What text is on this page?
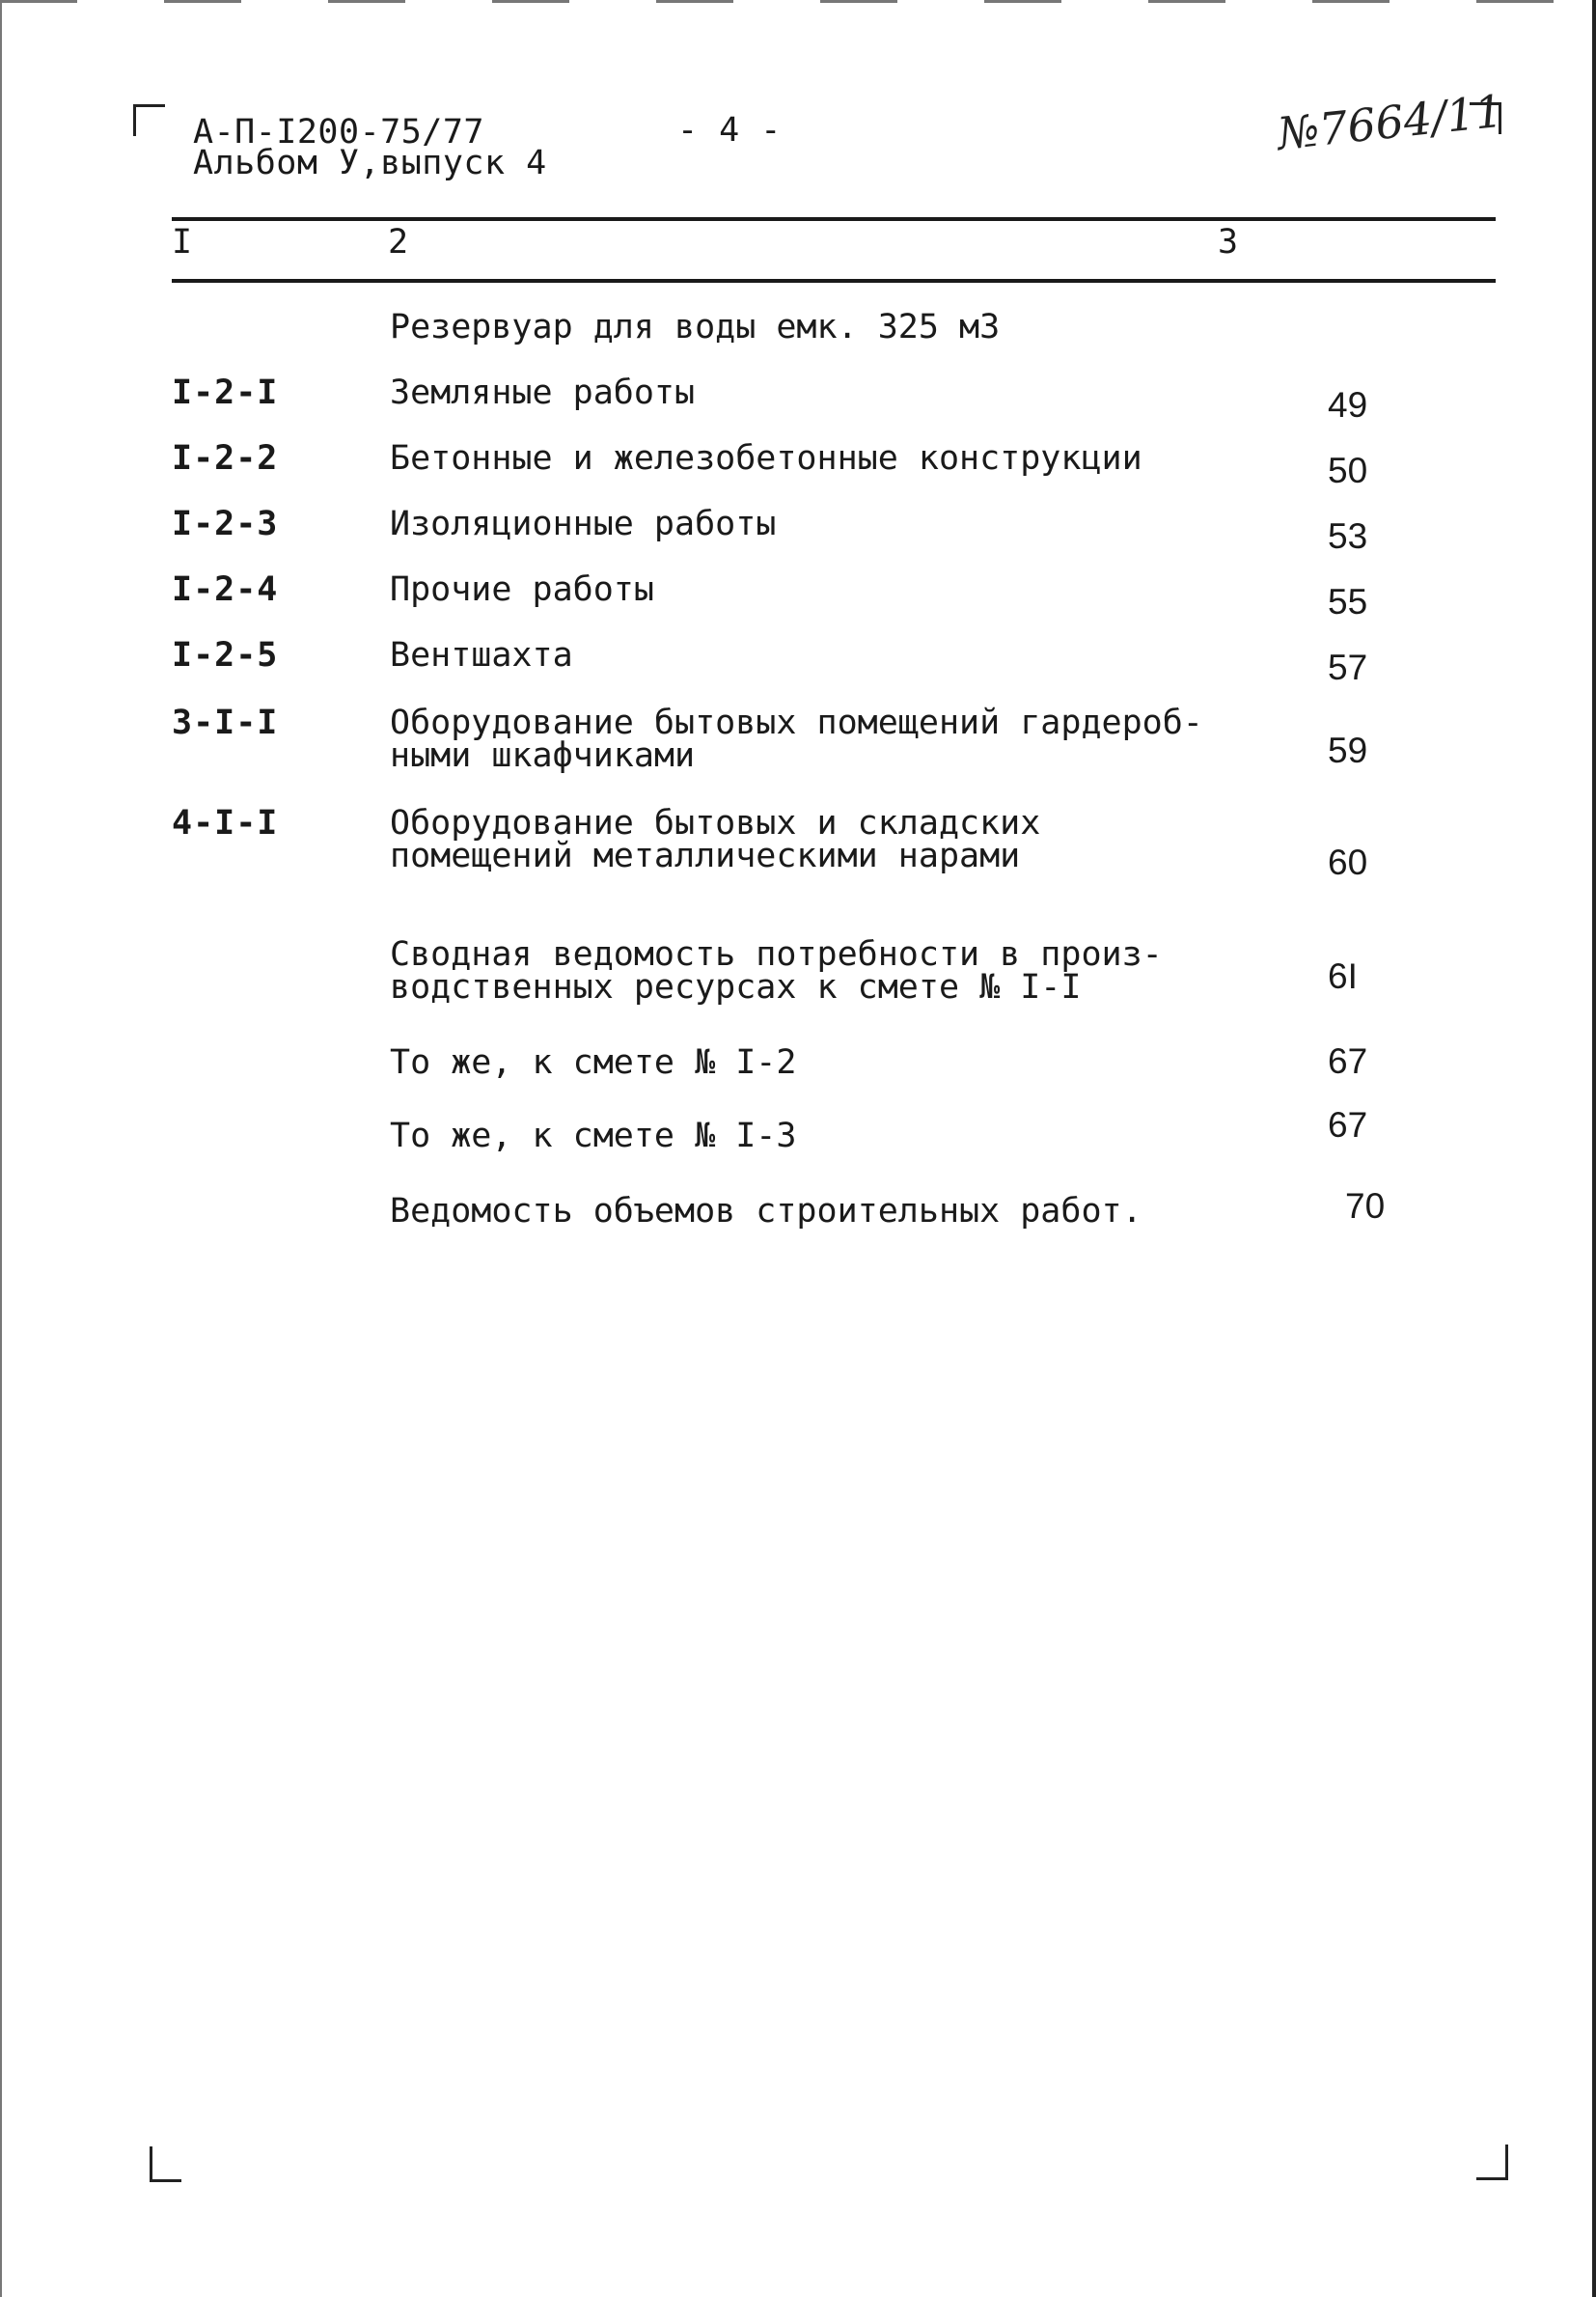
А-П-I200-75/77
Альбом У,выпуск 4
- 4 -	№7664/11
I	2	3
Резервуар для воды емк. 325 м3
I-2-I	Земляные работы	49
I-2-2	Бетонные и железобетонные конструкции	50
I-2-3	Изоляционные работы	53
I-2-4	Прочие работы	55
I-2-5	Вентшахта	57
3-I-I	Оборудование бытовых помещений гардероб-
ными шкафчиками	59
4-I-I	Оборудование бытовых и складских
помещений металлическими нарами	60
Сводная ведомость потребности в произ-
водственных ресурсах к смете № I-I	6I
То же, к смете № I-2	67
То же, к смете № I-3	67
Ведомость объемов строительных работ.	70
